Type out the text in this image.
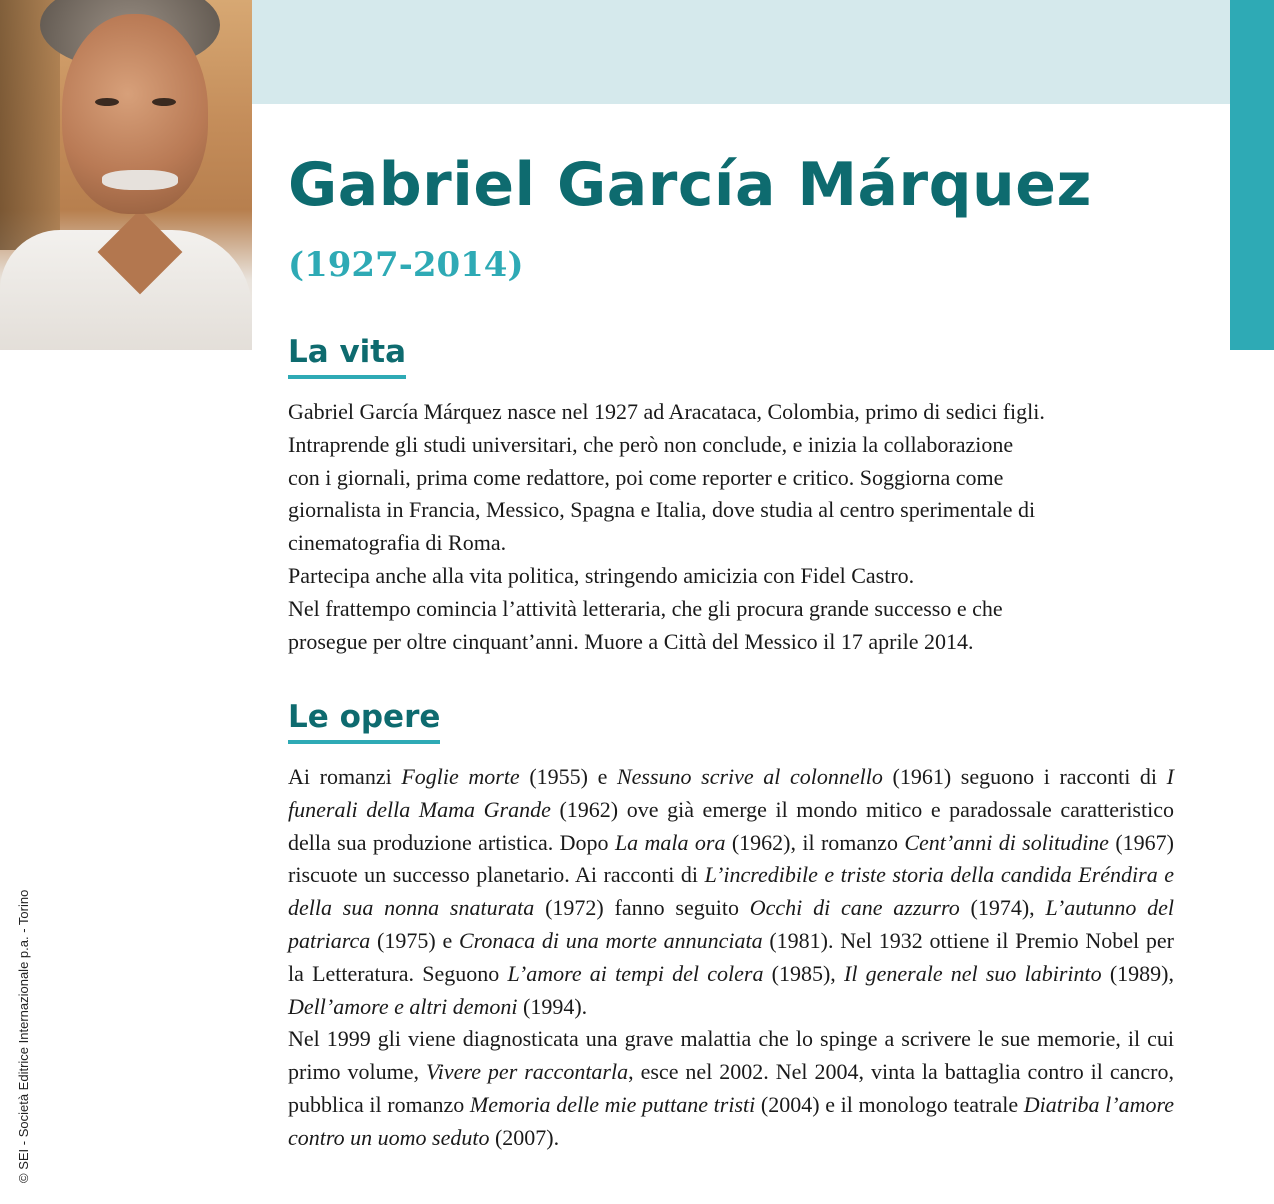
Gabriel García Márquez
(1927-2014)
La vita
Gabriel García Márquez nasce nel 1927 ad Aracataca, Colombia, primo di sedici figli.
Intraprende gli studi universitari, che però non conclude, e inizia la collaborazione
con i giornali, prima come redattore, poi come reporter e critico. Soggiorna come
giornalista in Francia, Messico, Spagna e Italia, dove studia al centro sperimentale di
cinematografia di Roma.
Partecipa anche alla vita politica, stringendo amicizia con Fidel Castro.
Nel frattempo comincia l’attività letteraria, che gli procura grande successo e che
prosegue per oltre cinquant’anni. Muore a Città del Messico il 17 aprile 2014.
Le opere

Ai romanzi Foglie morte (1955) e Nessuno scrive al colonnello (1961) seguono i racconti di I funerali della Mama Grande (1962) ove già emerge il mondo mitico e paradossale caratteristico della sua produzione artistica. Dopo La mala ora (1962), il romanzo Cent’anni di solitudine (1967) riscuote un successo planetario. Ai racconti di L’incredibile e triste storia della candida Eréndira e della sua nonna snaturata (1972) fanno seguito Occhi di cane azzurro (1974), L’autunno del patriarca (1975) e Cronaca di una morte annunciata (1981). Nel 1932 ottiene il Premio Nobel per la Letteratura. Seguono L’amore ai tempi del colera (1985), Il generale nel suo labirinto (1989), Dell’amore e altri demoni (1994).

Nel 1999 gli viene diagnosticata una grave malattia che lo spinge a scrivere le sue memorie, il cui primo volume, Vivere per raccontarla, esce nel 2002. Nel 2004, vinta la battaglia contro il cancro, pubblica il romanzo Memoria delle mie puttane tristi (2004) e il monologo teatrale Diatriba l’amore contro un uomo seduto (2007).

© SEI - Società Editrice Internazionale p.a. - Torino
